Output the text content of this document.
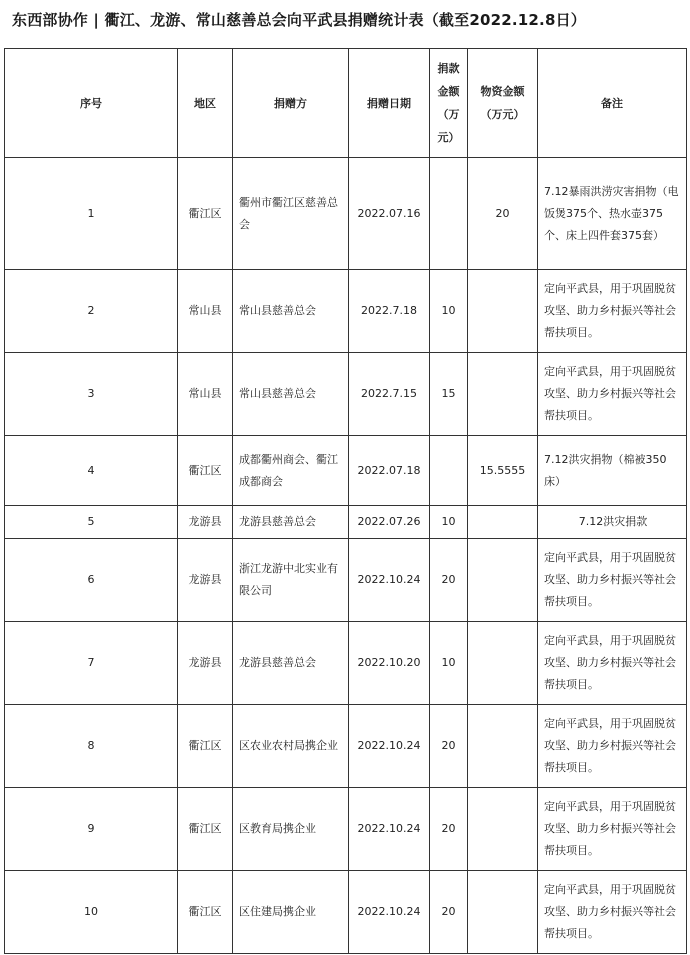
东西部协作 | 衢江、龙游、常山慈善总会向平武县捐赠统计表（截至2022.12.8日）
序号	地区	捐赠方	捐赠日期	捐款金额（万元）	物资金额（万元）	备注
1	衢江区	衢州市衢江区慈善总会	2022.07.16		20	7.12暴雨洪涝灾害捐物（电饭煲375个、热水壶375个、床上四件套375套）
2	常山县	常山县慈善总会	2022.7.18	10		定向平武县，用于巩固脱贫攻坚、助力乡村振兴等社会帮扶项目。
3	常山县	常山县慈善总会	2022.7.15	15		定向平武县，用于巩固脱贫攻坚、助力乡村振兴等社会帮扶项目。
4	衢江区	成都衢州商会、衢江成都商会	2022.07.18		15.5555	7.12洪灾捐物（棉被350床）
5	龙游县	龙游县慈善总会	2022.07.26	10		7.12洪灾捐款
6	龙游县	浙江龙游中北实业有限公司	2022.10.24	20		定向平武县，用于巩固脱贫攻坚、助力乡村振兴等社会帮扶项目。
7	龙游县	龙游县慈善总会	2022.10.20	10		定向平武县，用于巩固脱贫攻坚、助力乡村振兴等社会帮扶项目。
8	衢江区	区农业农村局携企业	2022.10.24	20		定向平武县，用于巩固脱贫攻坚、助力乡村振兴等社会帮扶项目。
9	衢江区	区教育局携企业	2022.10.24	20		定向平武县，用于巩固脱贫攻坚、助力乡村振兴等社会帮扶项目。
10	衢江区	区住建局携企业	2022.10.24	20		定向平武县，用于巩固脱贫攻坚、助力乡村振兴等社会帮扶项目。
